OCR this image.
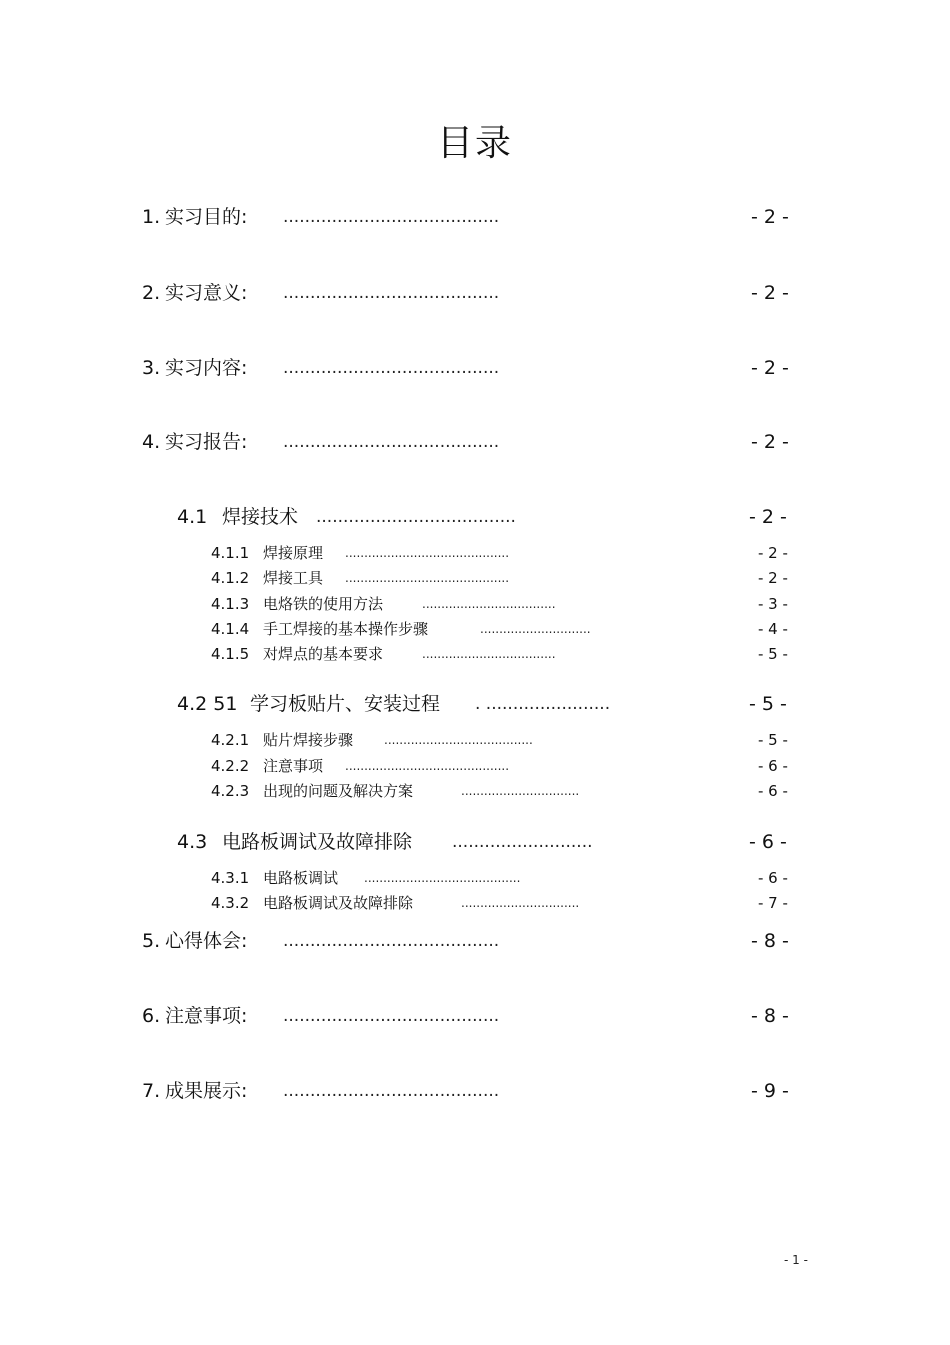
目录
1. 实习目的: ........................................	- 2 -
2. 实习意义: ........................................	- 2 -
3. 实习内容: ........................................	- 2 -
4. 实习报告: ........................................	- 2 -
4.1 焊接技术 .....................................	- 2 -
4.1.1 焊接原理 ...........................................	- 2 -
4.1.2 焊接工具 ...........................................	- 2 -
4.1.3 电烙铁的使用方法	...................................	- 3 -
4.1.4 手工焊接的基本操作步骤	.............................	- 4 -
4.1.5 对焊点的基本要求	...................................	- 5 -
4.2 51 学习板贴片、安装过程 . .......................	- 5 -
4.2.1 贴片焊接步骤	.......................................	- 5 -
4.2.2 注意事项 ...........................................	- 6 -
4.2.3 出现的问题及解决方案	...............................	- 6 -
4.3 电路板调试及故障排除 ..........................	- 6 -
4.3.1 电路板调试 .........................................	- 6 -
4.3.2 电路板调试及故障排除	...............................	- 7 -
5. 心得体会: ........................................	- 8 -
6. 注意事项: ........................................	- 8 -
7. 成果展示: ........................................	- 9 -
- 1 -
